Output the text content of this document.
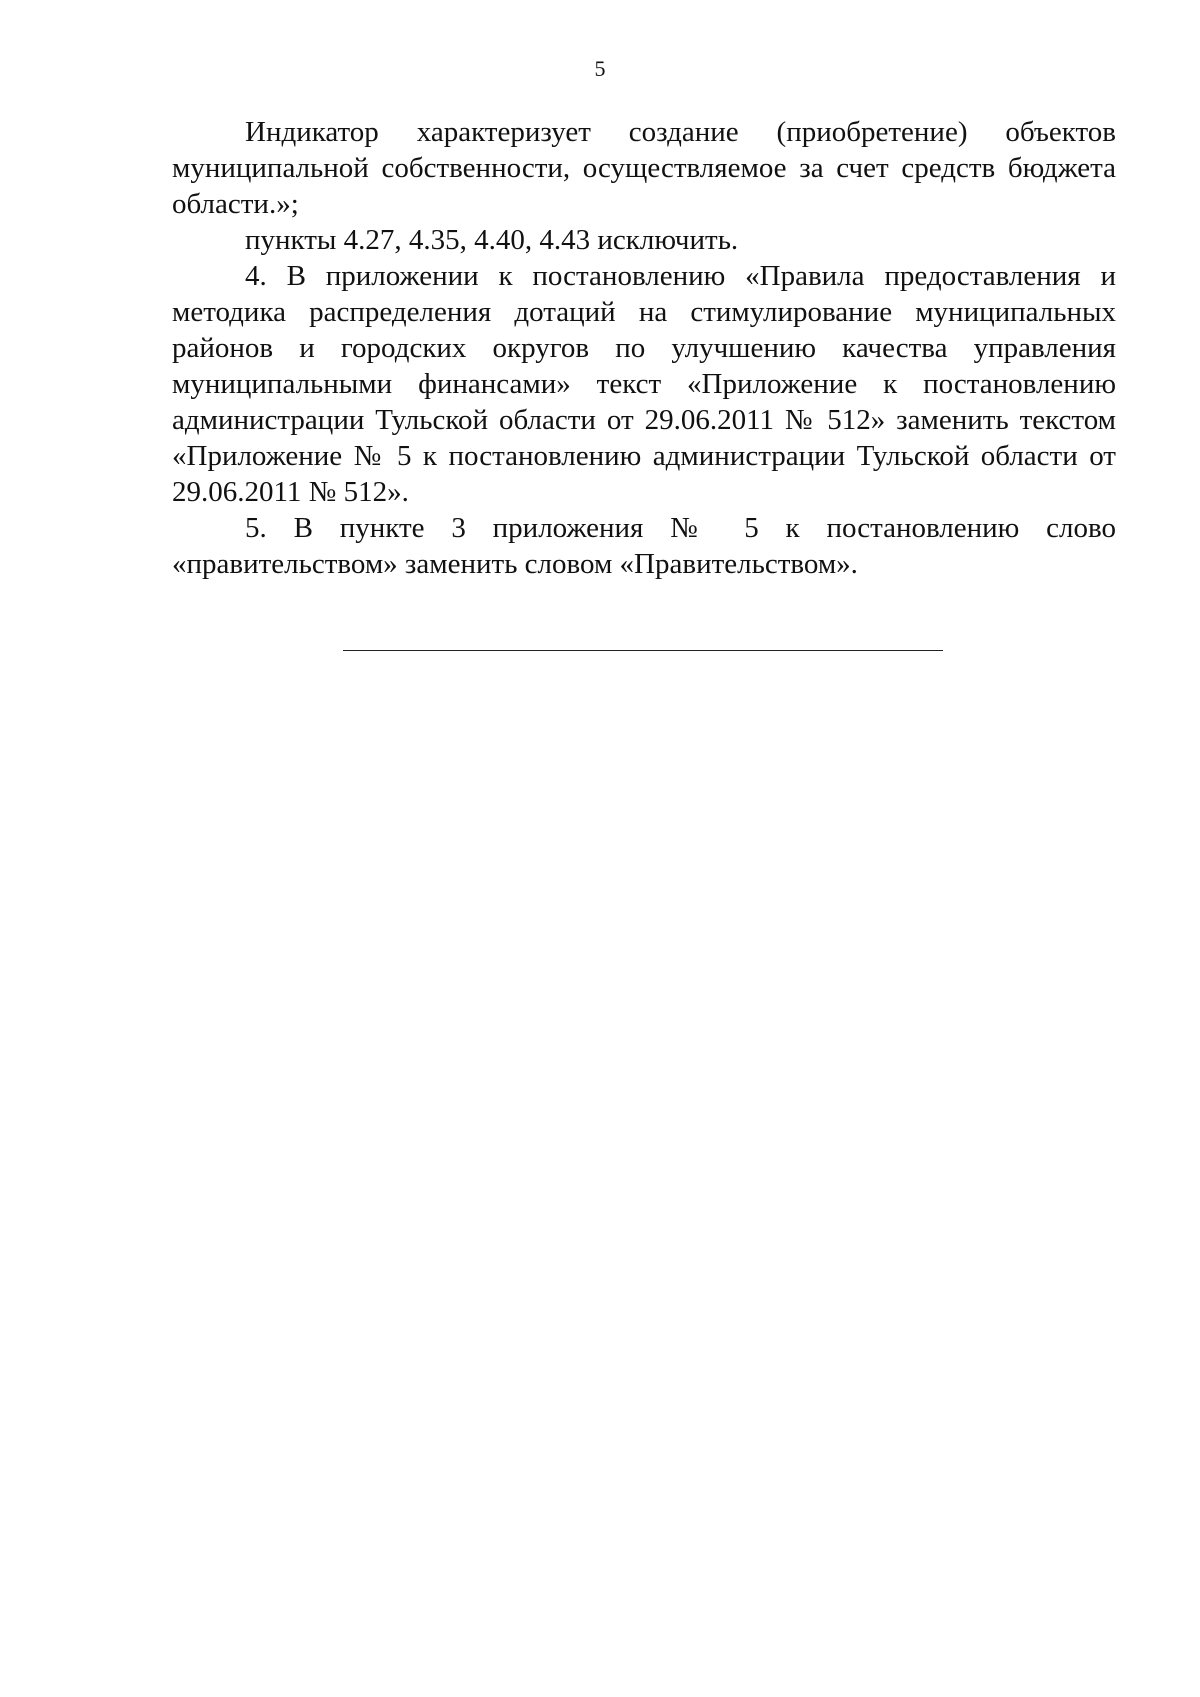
5

Индикатор характеризует создание (приобретение) объектов муниципальной собственности, осуществляемое за счет средств бюджета области.»;

пункты 4.27, 4.35, 4.40, 4.43 исключить.

4. В приложении к постановлению «Правила предоставления и методика распределения дотаций на стимулирование муниципальных районов и городских округов по улучшению качества управления муниципальными финансами» текст «Приложение к постановлению администрации Тульской области от 29.06.2011 № 512» заменить текстом «Приложение № 5 к постановлению администрации Тульской области от 29.06.2011 № 512».

5. В пункте 3 приложения № 5 к постановлению слово «правительством» заменить словом «Правительством».
